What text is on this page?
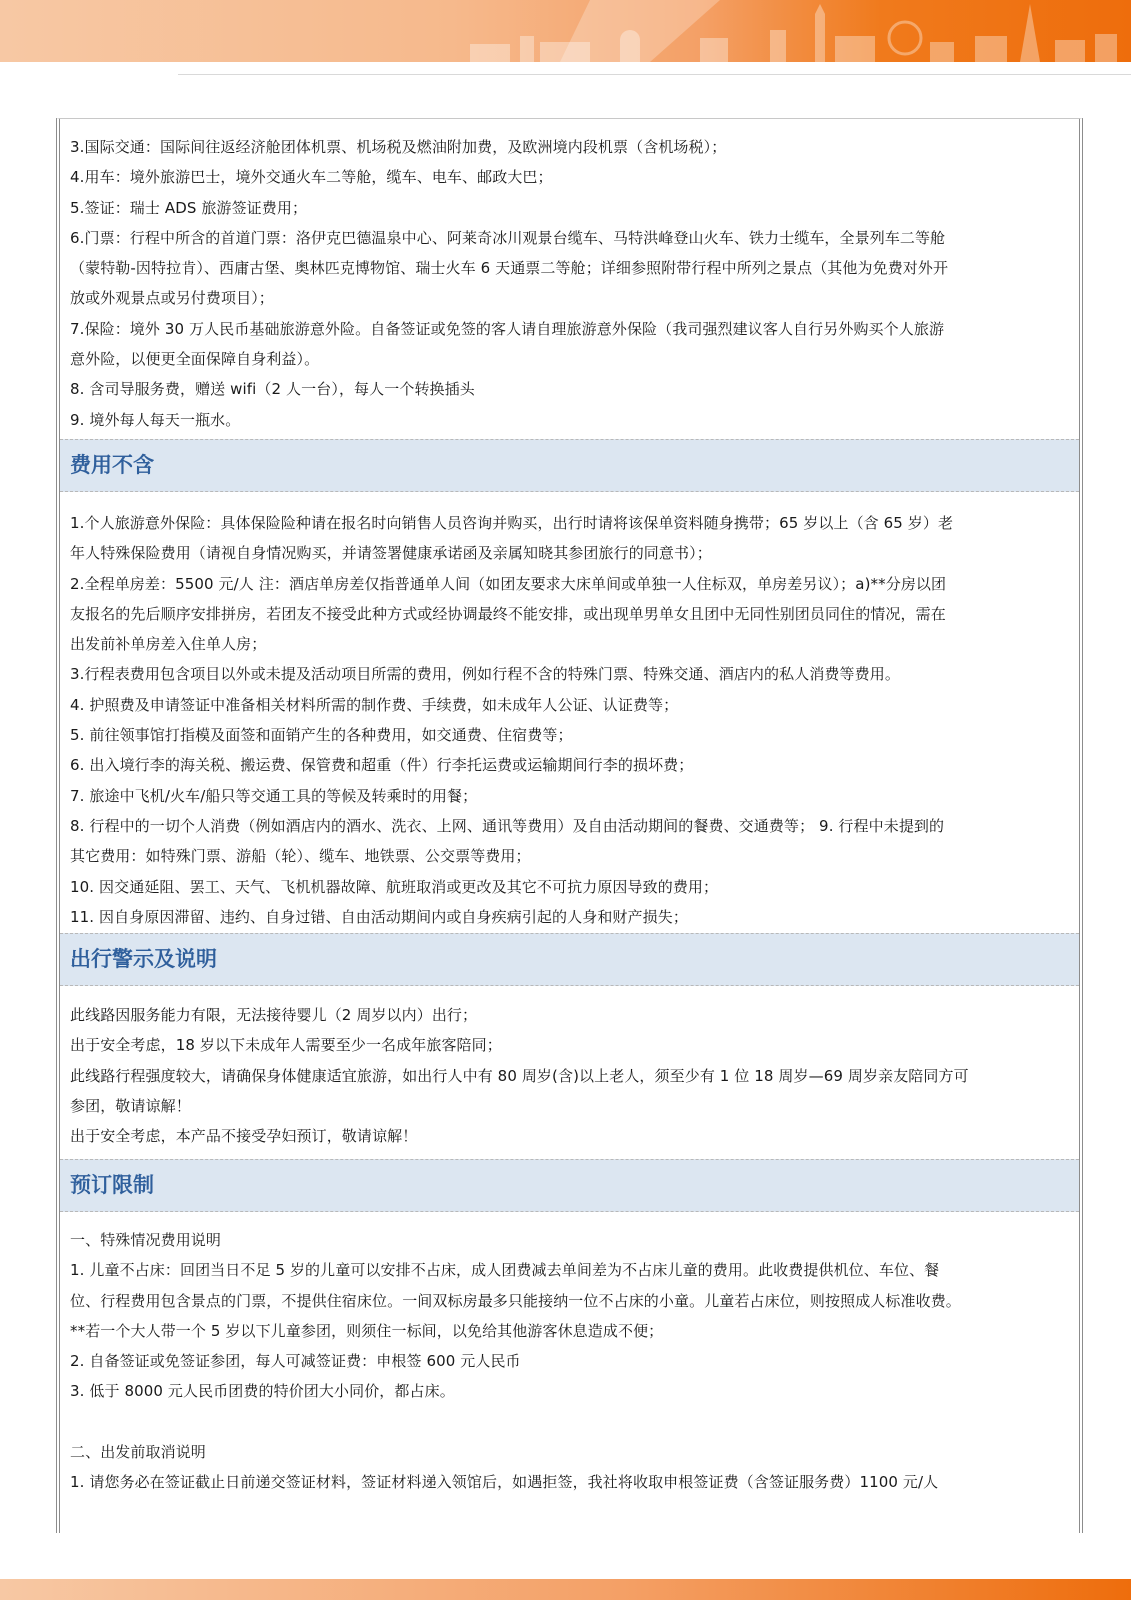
3.国际交通：国际间往返经济舱团体机票、机场税及燃油附加费，及欧洲境内段机票（含机场税）；
4.用车：境外旅游巴士，境外交通火车二等舱，缆车、电车、邮政大巴；
5.签证：瑞士 ADS 旅游签证费用；
6.门票：行程中所含的首道门票：洛伊克巴德温泉中心、阿莱奇冰川观景台缆车、马特洪峰登山火车、铁力士缆车，全景列车二等舱
（蒙特勒-因特拉肯）、西庸古堡、奥林匹克博物馆、瑞士火车 6 天通票二等舱；详细参照附带行程中所列之景点（其他为免费对外开
放或外观景点或另付费项目）；
7.保险：境外 30 万人民币基础旅游意外险。自备签证或免签的客人请自理旅游意外保险（我司强烈建议客人自行另外购买个人旅游
意外险，以便更全面保障自身利益）。
8. 含司导服务费，赠送 wifi（2 人一台），每人一个转换插头
9. 境外每人每天一瓶水。
费用不含
1.个人旅游意外保险：具体保险险种请在报名时向销售人员咨询并购买，出行时请将该保单资料随身携带；65 岁以上（含 65 岁）老
年人特殊保险费用（请视自身情况购买，并请签署健康承诺函及亲属知晓其参团旅行的同意书）；
2.全程单房差：5500 元/人 注：酒店单房差仅指普通单人间（如团友要求大床单间或单独一人住标双，单房差另议）；a)**分房以团
友报名的先后顺序安排拼房，若团友不接受此种方式或经协调最终不能安排，或出现单男单女且团中无同性别团员同住的情况，需在
出发前补单房差入住单人房；
3.行程表费用包含项目以外或未提及活动项目所需的费用，例如行程不含的特殊门票、特殊交通、酒店内的私人消费等费用。
4. 护照费及申请签证中准备相关材料所需的制作费、手续费，如未成年人公证、认证费等；
5. 前往领事馆打指模及面签和面销产生的各种费用，如交通费、住宿费等；
6. 出入境行李的海关税、搬运费、保管费和超重（件）行李托运费或运输期间行李的损坏费；
7. 旅途中飞机/火车/船只等交通工具的等候及转乘时的用餐；
8. 行程中的一切个人消费（例如酒店内的酒水、洗衣、上网、通讯等费用）及自由活动期间的餐费、交通费等； 9. 行程中未提到的
其它费用：如特殊门票、游船（轮）、缆车、地铁票、公交票等费用；
10. 因交通延阻、罢工、天气、飞机机器故障、航班取消或更改及其它不可抗力原因导致的费用；
11. 因自身原因滞留、违约、自身过错、自由活动期间内或自身疾病引起的人身和财产损失；
出行警示及说明
此线路因服务能力有限，无法接待婴儿（2 周岁以内）出行；
出于安全考虑，18 岁以下未成年人需要至少一名成年旅客陪同；
此线路行程强度较大，请确保身体健康适宜旅游，如出行人中有 80 周岁(含)以上老人，须至少有 1 位 18 周岁—69 周岁亲友陪同方可
参团，敬请谅解！
出于安全考虑，本产品不接受孕妇预订，敬请谅解！
预订限制
一、特殊情况费用说明
1. 儿童不占床：回团当日不足 5 岁的儿童可以安排不占床，成人团费减去单间差为不占床儿童的费用。此收费提供机位、车位、餐
位、行程费用包含景点的门票，不提供住宿床位。一间双标房最多只能接纳一位不占床的小童。儿童若占床位，则按照成人标准收费。
**若一个大人带一个 5 岁以下儿童参团，则须住一标间，以免给其他游客休息造成不便；
2. 自备签证或免签证参团，每人可减签证费：申根签 600 元人民币
3. 低于 8000 元人民币团费的特价团大小同价，都占床。
二、出发前取消说明
1. 请您务必在签证截止日前递交签证材料，签证材料递入领馆后，如遇拒签，我社将收取申根签证费（含签证服务费）1100 元/人
